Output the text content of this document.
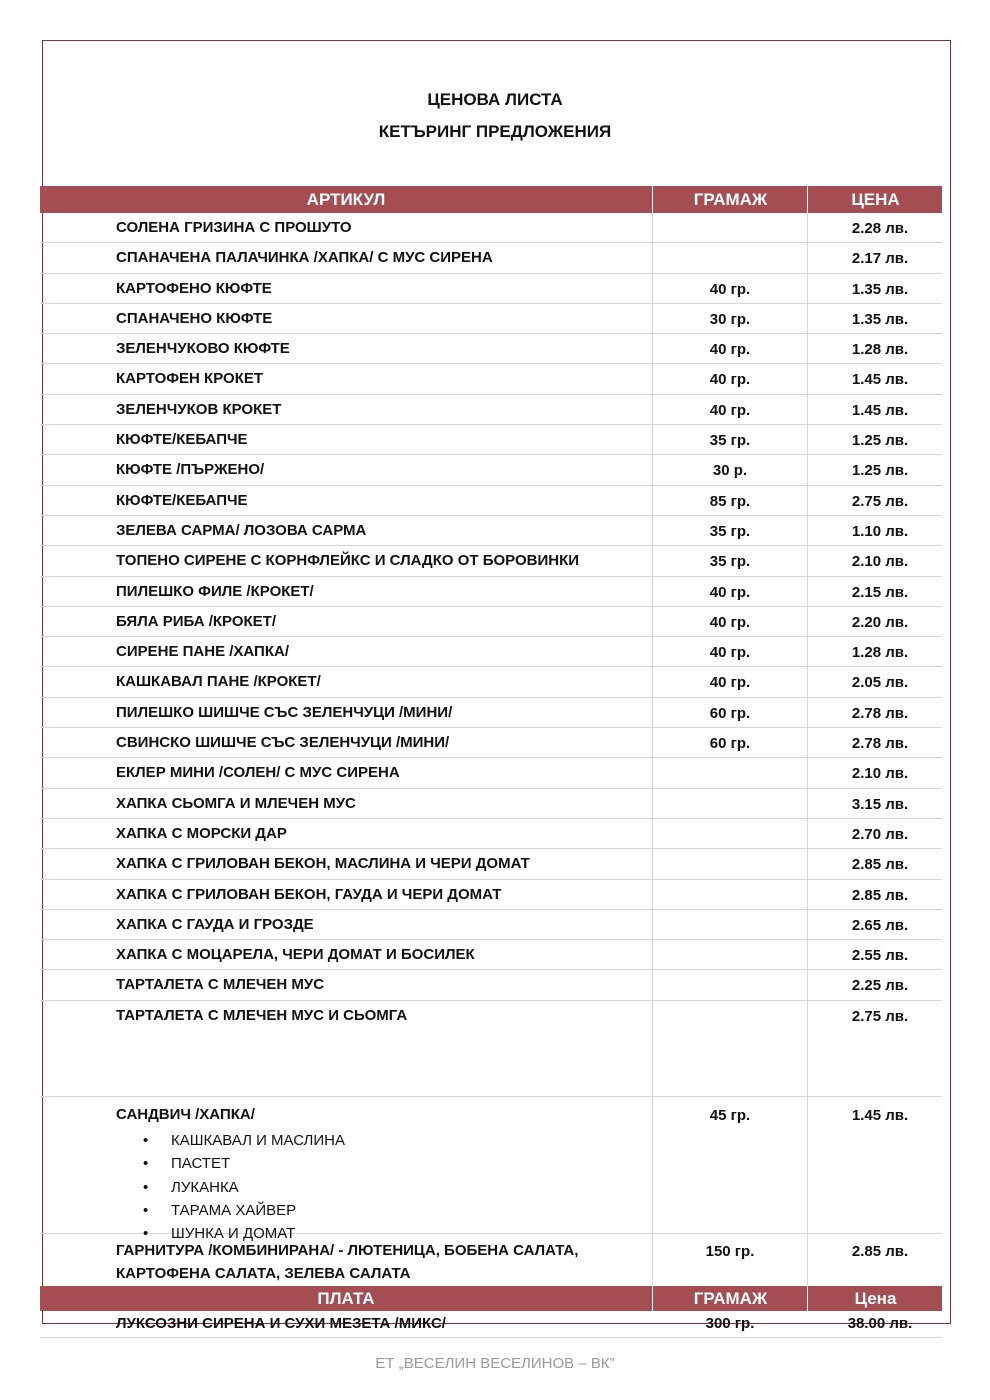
ЦЕНОВА ЛИСТА
КЕТЪРИНГ ПРЕДЛОЖЕНИЯ
АРТИКУЛ	ГРАМАЖ	ЦЕНА
СОЛЕНА ГРИЗИНА С ПРОШУТО	2.28 лв.
СПАНАЧЕНА ПАЛАЧИНКА /ХАПКА/ С МУС СИРЕНА	2.17 лв.
КАРТОФЕНО КЮФТЕ	40 гр.	1.35 лв.
СПАНАЧЕНО КЮФТЕ	30 гр.	1.35 лв.
ЗЕЛЕНЧУКОВО КЮФТЕ	40 гр.	1.28 лв.
КАРТОФЕН КРОКЕТ	40 гр.	1.45 лв.
ЗЕЛЕНЧУКОВ КРОКЕТ	40 гр.	1.45 лв.
КЮФТЕ/КЕБАПЧЕ	35 гр.	1.25 лв.
КЮФТЕ /ПЪРЖЕНО/	30 р.	1.25 лв.
КЮФТЕ/КЕБАПЧЕ	85 гр.	2.75 лв.
ЗЕЛЕВА САРМА/ ЛОЗОВА САРМА	35 гр.	1.10 лв.
ТОПЕНО СИРЕНЕ С КОРНФЛЕЙКС И СЛАДКО ОТ БОРОВИНКИ	35 гр.	2.10 лв.
ПИЛЕШКО ФИЛЕ /КРОКЕТ/	40 гр.	2.15 лв.
БЯЛА РИБА /КРОКЕТ/	40 гр.	2.20 лв.
СИРЕНЕ ПАНЕ /ХАПКА/	40 гр.	1.28 лв.
КАШКАВАЛ ПАНЕ /КРОКЕТ/	40 гр.	2.05 лв.
ПИЛЕШКО ШИШЧЕ СЪС ЗЕЛЕНЧУЦИ /МИНИ/	60 гр.	2.78 лв.
СВИНСКО ШИШЧЕ СЪС ЗЕЛЕНЧУЦИ /МИНИ/	60 гр.	2.78 лв.
ЕКЛЕР МИНИ /СОЛЕН/ С МУС СИРЕНА	2.10 лв.
ХАПКА СЬОМГА И МЛЕЧЕН МУС	3.15 лв.
ХАПКА С МОРСКИ ДАР	2.70 лв.
ХАПКА С ГРИЛОВАН БЕКОН, МАСЛИНА И ЧЕРИ ДОМАТ	2.85 лв.
ХАПКА С ГРИЛОВАН БЕКОН, ГАУДА И ЧЕРИ ДОМАТ	2.85 лв.
ХАПКА С ГАУДА И ГРОЗДЕ	2.65 лв.
ХАПКА С МОЦАРЕЛА, ЧЕРИ ДОМАТ И БОСИЛЕК	2.55 лв.
ТАРТАЛЕТА С МЛЕЧЕН МУС	2.25 лв.
ТАРТАЛЕТА С МЛЕЧЕН МУС И СЬОМГА	2.75 лв.
САНДВИЧ /ХАПКА/	45 гр.	1.45 лв.
• КАШКАВАЛ И МАСЛИНА
• ПАСТЕТ
• ЛУКАНКА
• ТАРАМА ХАЙВЕР
• ШУНКА И ДОМАТ
ГАРНИТУРА /КОМБИНИРАНА/ - ЛЮТЕНИЦА, БОБЕНА САЛАТА,
КАРТОФЕНА САЛАТА, ЗЕЛЕВА САЛАТА
150 гр.	2.85 лв.
ПЛАТА	ГРАМАЖ	Цена
ЛУКСОЗНИ СИРЕНА И СУХИ МЕЗЕТА /МИКС/	300 гр.	38.00 лв.
ЕТ „ВЕСЕЛИН ВЕСЕЛИНОВ – ВК”
